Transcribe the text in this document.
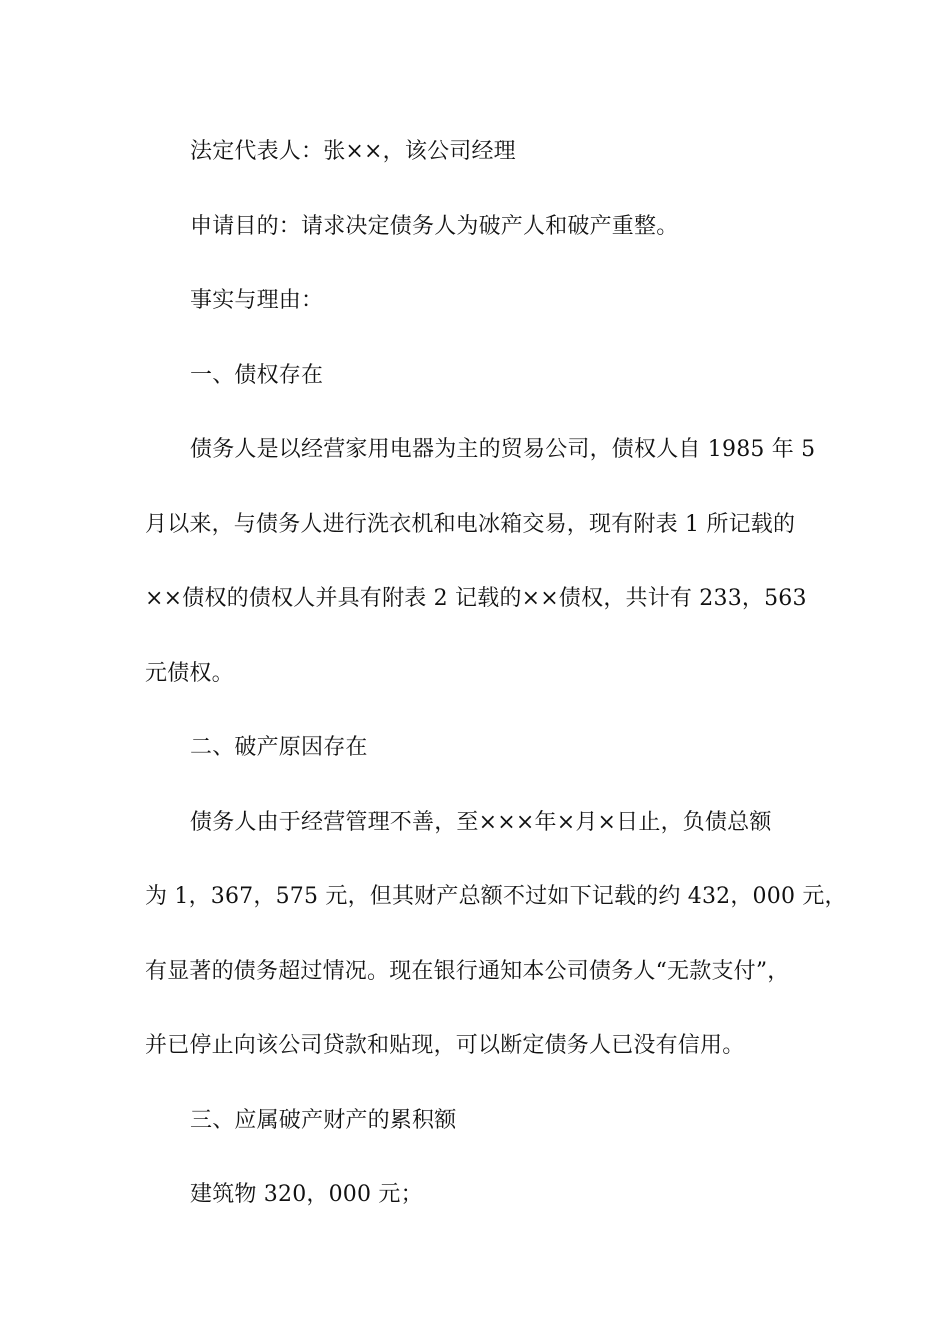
法定代表人：张××，该公司经理
申请目的：请求决定债务人为破产人和破产重整。
事实与理由：
一、债权存在
债务人是以经营家用电器为主的贸易公司，债权人自 1985 年 5
月以来，与债务人进行洗衣机和电冰箱交易，现有附表 1 所记载的
××债权的债权人并具有附表 2 记载的××债权，共计有 233，563
元债权。
二、破产原因存在
债务人由于经营管理不善，至×××年×月×日止，负债总额
为 1，367，575 元，但其财产总额不过如下记载的约 432，000 元，
有显著的债务超过情况。现在银行通知本公司债务人“无款支付”，
并已停止向该公司贷款和贴现，可以断定债务人已没有信用。
三、应属破产财产的累积额
建筑物 320，000 元；
